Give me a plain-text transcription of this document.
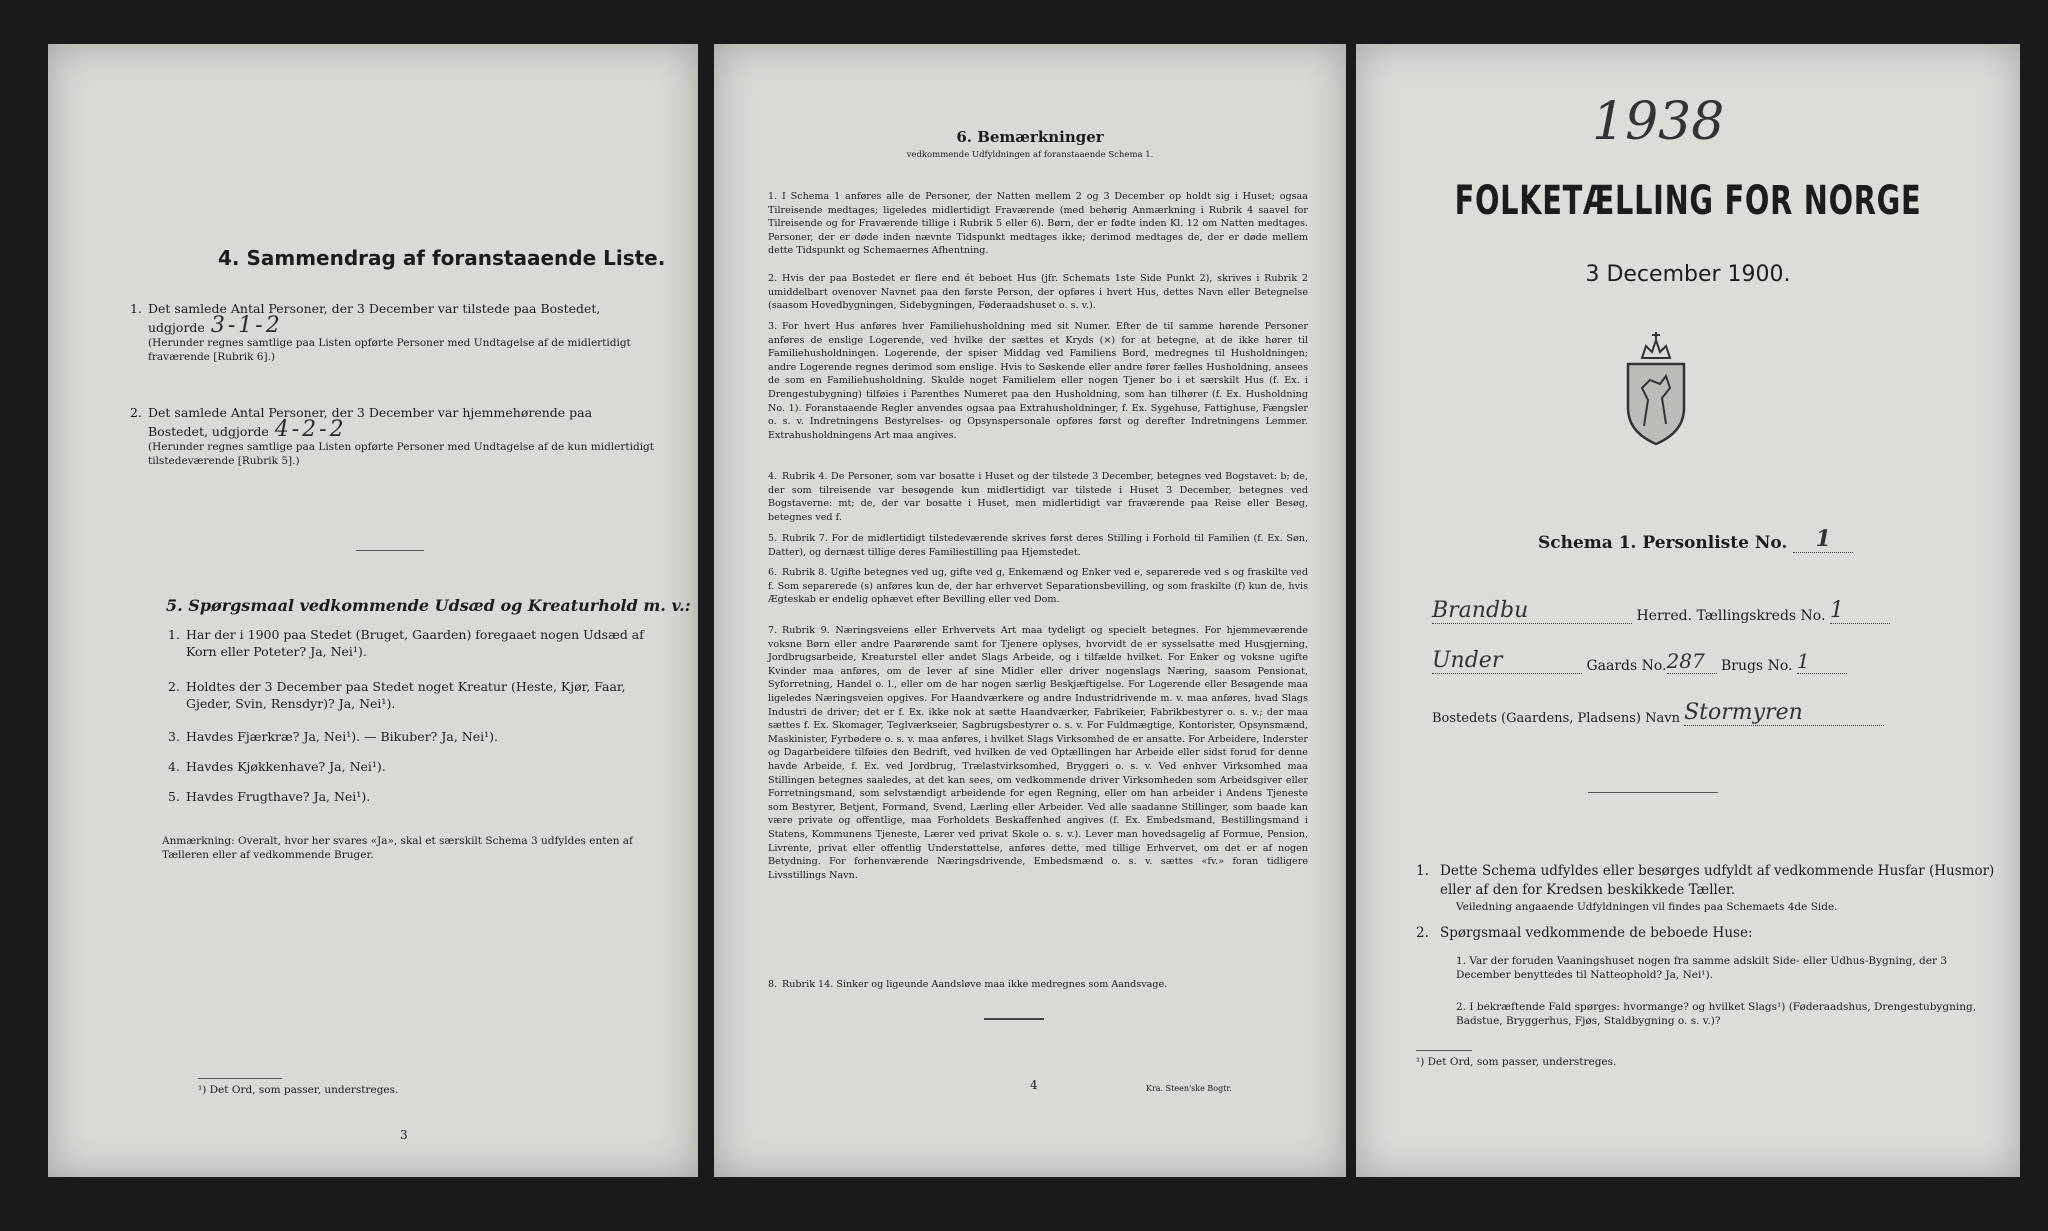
4. Sammendrag af foranstaaende Liste.
1. Det samlede Antal Personer, der 3 December var tilstede paa Bostedet,
udgjorde 3-1-2
(Herunder regnes samtlige paa Listen opførte Personer med Undtagelse af de midlertidigt fraværende [Rubrik 6].)
2. Det samlede Antal Personer, der 3 December var hjemmehørende paa
Bostedet, udgjorde 4-2-2
(Herunder regnes samtlige paa Listen opførte Personer med Undtagelse af de kun midlertidigt tilstedeværende [Rubrik 5].)
5. Spørgsmaal vedkommende Udsæd og Kreaturhold m. v.:
1. Har der i 1900 paa Stedet (Bruget, Gaarden) foregaaet nogen Udsæd af Korn eller Poteter? Ja, Nei¹).
2. Holdtes der 3 December paa Stedet noget Kreatur (Heste, Kjør, Faar, Gjeder, Svin, Rensdyr)? Ja, Nei¹).
3. Havdes Fjærkræ? Ja, Nei¹). — Bikuber? Ja, Nei¹).
4. Havdes Kjøkkenhave? Ja, Nei¹).
5. Havdes Frugthave? Ja, Nei¹).
Anmærkning: Overalt, hvor her svares «Ja», skal et særskilt Schema 3 udfyldes enten af Tælleren eller af vedkommende Bruger.
¹) Det Ord, som passer, understreges.
3
6. Bemærkninger
vedkommende Udfyldningen af foranstaaende Schema 1.
1. I Schema 1 anføres alle de Personer, der Natten mellem 2 og 3 December op holdt sig i Huset; ogsaa Tilreisende medtages; ligeledes midlertidigt Fraværende (med behørig Anmærkning i Rubrik 4 saavel for Tilreisende og for Fraværende tillige i Rubrik 5 eller 6). Børn, der er fødte inden Kl. 12 om Natten medtages. Personer, der er døde inden nævnte Tidspunkt medtages ikke; derimod medtages de, der er døde mellem dette Tidspunkt og Schemaernes Afhentning.
2. Hvis der paa Bostedet er flere end ét beboet Hus (jfr. Schemats 1ste Side Punkt 2), skrives i Rubrik 2 umiddelbart ovenover Navnet paa den første Person, der opføres i hvert Hus, dettes Navn eller Betegnelse (saasom Hovedbygningen, Sidebygningen, Føderaadshuset o. s. v.).
3. For hvert Hus anføres hver Familiehusholdning med sit Numer. Efter de til samme hørende Personer anføres de enslige Logerende, ved hvilke der sættes et Kryds (×) for at betegne, at de ikke hører til Familiehusholdningen. Logerende, der spiser Middag ved Familiens Bord, medregnes til Husholdningen; andre Logerende regnes derimod som enslige. Hvis to Søskende eller andre fører fælles Husholdning, ansees de som en Familiehusholdning. Skulde noget Familielem eller nogen Tjener bo i et særskilt Hus (f. Ex. i Drengestubygning) tilføies i Parenthes Numeret paa den Husholdning, som han tilhører (f. Ex. Husholdning No. 1). Foranstaaende Regler anvendes ogsaa paa Extrahusholdninger, f. Ex. Sygehuse, Fattighuse, Fængsler o. s. v. Indretningens Bestyrelses- og Opsynspersonale opføres først og derefter Indretningens Lemmer. Extrahusholdningens Art maa angives.
4. Rubrik 4. De Personer, som var bosatte i Huset og der tilstede 3 December, betegnes ved Bogstavet: b; de, der som tilreisende var besøgende kun midlertidigt var tilstede i Huset 3 December, betegnes ved Bogstaverne: mt; de, der var bosatte i Huset, men midlertidigt var fraværende paa Reise eller Besøg, betegnes ved f.
5. Rubrik 7. For de midlertidigt tilstedeværende skrives først deres Stilling i Forhold til Familien (f. Ex. Søn, Datter), og dernæst tillige deres Familiestilling paa Hjemstedet.
6. Rubrik 8. Ugifte betegnes ved ug, gifte ved g, Enkemænd og Enker ved e, separerede ved s og fraskilte ved f. Som separerede (s) anføres kun de, der har erhvervet Separationsbevilling, og som fraskilte (f) kun de, hvis Ægteskab er endelig ophævet efter Bevilling eller ved Dom.
7. Rubrik 9. Næringsveiens eller Erhvervets Art maa tydeligt og specielt betegnes. For hjemmeværende voksne Børn eller andre Paarørende samt for Tjenere oplyses, hvorvidt de er sysselsatte med Husgjerning, Jordbrugsarbeide, Kreaturstel eller andet Slags Arbeide, og i tilfælde hvilket. For Enker og voksne ugifte Kvinder maa anføres, om de lever af sine Midler eller driver nogenslags Næring, saasom Pensionat, Syforretning, Handel o. l., eller om de har nogen særlig Beskjæftigelse. For Logerende eller Besøgende maa ligeledes Næringsveien opgives. For Haandværkere og andre Industridrivende m. v. maa anføres, hvad Slags Industri de driver; det er f. Ex. ikke nok at sætte Haandværker, Fabrikeier, Fabrikbestyrer o. s. v.; der maa sættes f. Ex. Skomager, Teglværkseier, Sagbrugsbestyrer o. s. v. For Fuldmægtige, Kontorister, Opsynsmænd, Maskinister, Fyrbødere o. s. v. maa anføres, i hvilket Slags Virksomhed de er ansatte. For Arbeidere, Inderster og Dagarbeidere tilføies den Bedrift, ved hvilken de ved Optællingen har Arbeide eller sidst forud for denne havde Arbeide, f. Ex. ved Jordbrug, Trælastvirksomhed, Bryggeri o. s. v. Ved enhver Virksomhed maa Stillingen betegnes saaledes, at det kan sees, om vedkommende driver Virksomheden som Arbeidsgiver eller Forretningsmand, som selvstændigt arbeidende for egen Regning, eller om han arbeider i Andens Tjeneste som Bestyrer, Betjent, Formand, Svend, Lærling eller Arbeider. Ved alle saadanne Stillinger, som baade kan være private og offentlige, maa Forholdets Beskaffenhed angives (f. Ex. Embedsmand, Bestillingsmand i Statens, Kommunens Tjeneste, Lærer ved privat Skole o. s. v.). Lever man hovedsagelig af Formue, Pension, Livrente, privat eller offentlig Understøttelse, anføres dette, med tillige Erhvervet, om det er af nogen Betydning. For forhenværende Næringsdrivende, Embedsmænd o. s. v. sættes «fv.» foran tidligere Livsstillings Navn.
8. Rubrik 14. Sinker og ligeunde Aandsløve maa ikke medregnes som Aandsvage.
4	Kra. Steen'ske Bogtr.
1938
FOLKETÆLLING FOR NORGE
3 December 1900.
Schema 1. Personliste No. 1
Brandbu	Herred. Tællingskreds No. 1
Under	Gaards No.287 Brugs No. 1
Bostedets (Gaardens, Pladsens) Navn Stormyren
1. Dette Schema udfyldes eller besørges udfyldt af vedkommende Husfar (Husmor) eller af den for Kredsen beskikkede Tæller.
Veiledning angaaende Udfyldningen vil findes paa Schemaets 4de Side.
2. Spørgsmaal vedkommende de beboede Huse:
1. Var der foruden Vaaningshuset nogen fra samme adskilt Side- eller Udhus-Bygning, der 3 December benyttedes til Natteophold? Ja, Nei¹).
2. I bekræftende Fald spørges: hvormange? og hvilket Slags¹) (Føderaadshus, Drengestubygning, Badstue, Bryggerhus, Fjøs, Staldbygning o. s. v.)?
¹) Det Ord, som passer, understreges.
